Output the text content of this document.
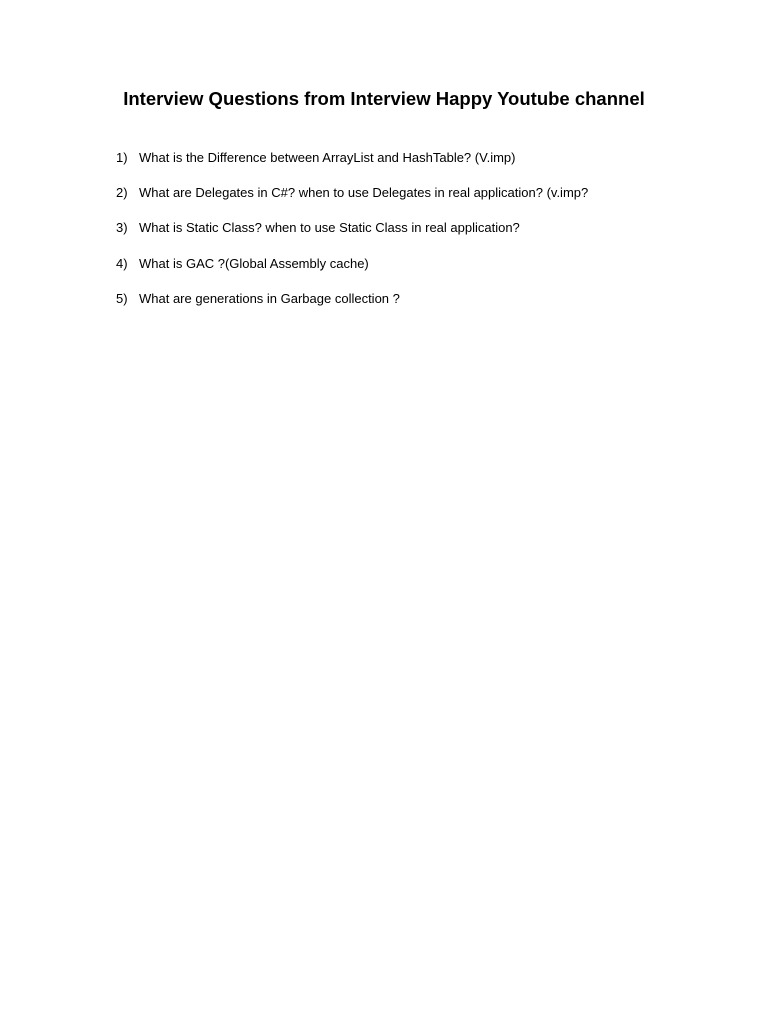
Interview Questions from Interview Happy Youtube channel
1) What is the Difference between ArrayList and HashTable? (V.imp)
2) What are Delegates in C#? when to use Delegates in real application? (v.imp?
3) What is Static Class? when to use Static Class in real application?
4) What is GAC ?(Global Assembly cache)
5) What are generations in Garbage collection ?
